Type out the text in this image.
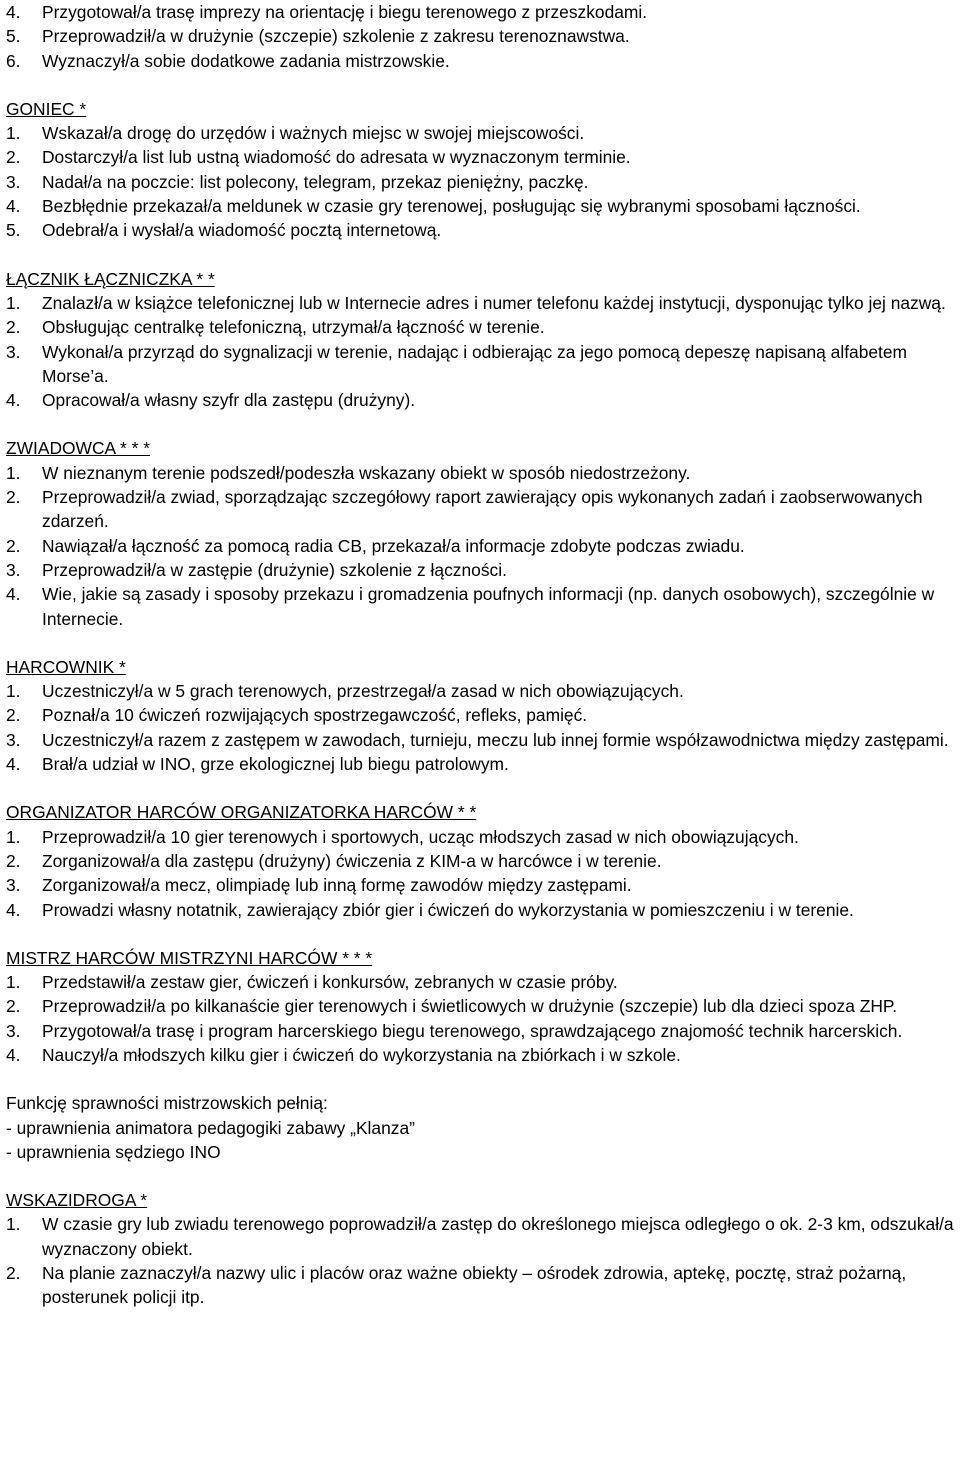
4.	Przygotował/a trasę imprezy na orientację i biegu terenowego z przeszkodami.
5.	Przeprowadził/a w drużynie (szczepie) szkolenie z zakresu terenoznawstwa.
6.	Wyznaczył/a sobie dodatkowe zadania mistrzowskie.
GONIEC *
1.	Wskazał/a drogę do urzędów i ważnych miejsc w swojej miejscowości.
2.	Dostarczył/a list lub ustną wiadomość do adresata w wyznaczonym terminie.
3.	Nadał/a na poczcie: list polecony, telegram, przekaz pieniężny, paczkę.
4.	Bezbłędnie przekazał/a meldunek w czasie gry terenowej, posługując się wybranymi sposobami łączności.
5.	Odebrał/a i wysłał/a wiadomość pocztą internetową.
ŁĄCZNIK ŁĄCZNICZKA * *
1.	Znalazł/a w książce telefonicznej lub w Internecie adres i numer telefonu każdej instytucji, dysponując tylko jej nazwą.
2.	Obsługując centralkę telefoniczną, utrzymał/a łączność w terenie.
3.	Wykonał/a przyrząd do sygnalizacji w terenie, nadając i odbierając za jego pomocą depeszę napisaną alfabetem Morse’a.
4.	Opracował/a własny szyfr dla zastępu (drużyny).
ZWIADOWCA * * *
1.	W nieznanym terenie podszedł/podeszła wskazany obiekt w sposób niedostrzeżony.
2.	Przeprowadził/a zwiad, sporządzając szczegółowy raport zawierający opis wykonanych zadań i zaobserwowanych zdarzeń.
2.	Nawiązał/a łączność za pomocą radia CB, przekazał/a informacje zdobyte podczas zwiadu.
3.	Przeprowadził/a w zastępie (drużynie) szkolenie z łączności.
4.	Wie, jakie są zasady i sposoby przekazu i gromadzenia poufnych informacji (np. danych osobowych), szczególnie w Internecie.
HARCOWNIK *
1.	Uczestniczył/a w 5 grach terenowych, przestrzegał/a zasad w nich obowiązujących.
2.	Poznał/a 10 ćwiczeń rozwijających spostrzegawczość, refleks, pamięć.
3.	Uczestniczył/a razem z zastępem w zawodach, turnieju, meczu lub innej formie współzawodnictwa między zastępami.
4.	Brał/a udział w INO, grze ekologicznej lub biegu patrolowym.
ORGANIZATOR HARCÓW ORGANIZATORKA HARCÓW * *
1.	Przeprowadził/a 10 gier terenowych i sportowych, ucząc młodszych zasad w nich obowiązujących.
2.	Zorganizował/a dla zastępu (drużyny) ćwiczenia z KIM-a w harcówce i w terenie.
3.	Zorganizował/a mecz, olimpiadę lub inną formę zawodów między zastępami.
4.	Prowadzi własny notatnik, zawierający zbiór gier i ćwiczeń do wykorzystania w pomieszczeniu i w terenie.
MISTRZ HARCÓW MISTRZYNI HARCÓW * * *
1.	Przedstawił/a zestaw gier, ćwiczeń i konkursów, zebranych w czasie próby.
2.	Przeprowadził/a po kilkanaście gier terenowych i świetlicowych w drużynie (szczepie) lub dla dzieci spoza ZHP.
3.	Przygotował/a trasę i program harcerskiego biegu terenowego, sprawdzającego znajomość technik harcerskich.
4.	Nauczył/a młodszych kilku gier i ćwiczeń do wykorzystania na zbiórkach i w szkole.
Funkcję sprawności mistrzowskich pełnią:
- uprawnienia animatora pedagogiki zabawy „Klanza”
- uprawnienia sędziego INO
WSKAZIDROGA *
1.	W czasie gry lub zwiadu terenowego poprowadził/a zastęp do określonego miejsca odległego o ok. 2-3 km, odszukał/a wyznaczony obiekt.
2.	Na planie zaznaczył/a nazwy ulic i placów oraz ważne obiekty – ośrodek zdrowia, aptekę, pocztę, straż pożarną, posterunek policji itp.
